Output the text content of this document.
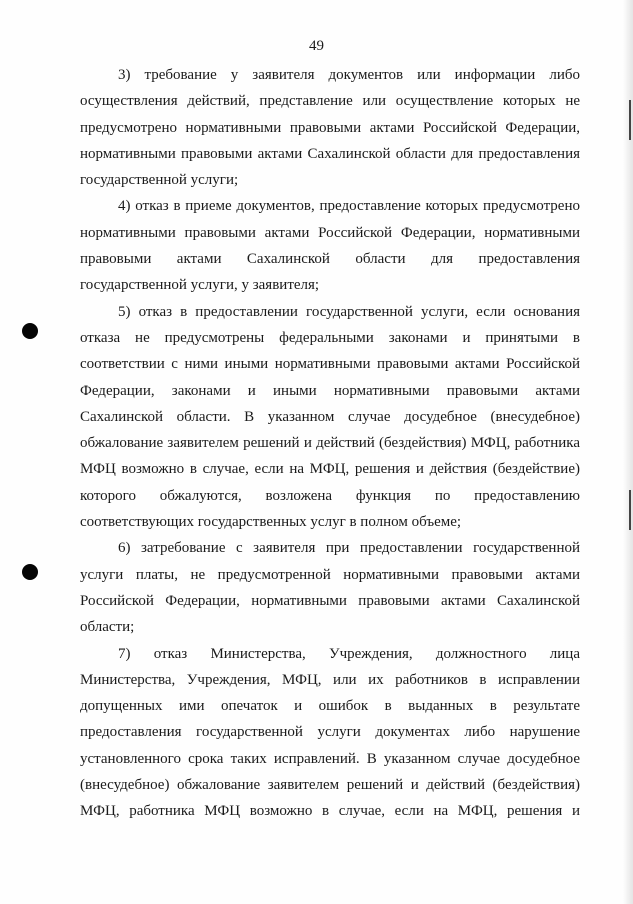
49
3) требование у заявителя документов или информации либо
осуществления действий, представление или осуществление которых не
предусмотрено нормативными правовыми актами Российской Федерации,
нормативными правовыми актами Сахалинской области для предоставления
государственной услуги;
4) отказ в приеме документов, предоставление которых предусмотрено
нормативными правовыми актами Российской Федерации, нормативными
правовыми актами Сахалинской области для предоставления
государственной услуги, у заявителя;
5) отказ в предоставлении государственной услуги, если основания
отказа не предусмотрены федеральными законами и принятыми в
соответствии с ними иными нормативными правовыми актами Российской
Федерации, законами и иными нормативными правовыми актами
Сахалинской области. В указанном случае досудебное (внесудебное)
обжалование заявителем решений и действий (бездействия) МФЦ, работника
МФЦ возможно в случае, если на МФЦ, решения и действия (бездействие)
которого обжалуются, возложена функция по предоставлению
соответствующих государственных услуг в полном объеме;
6) затребование с заявителя при предоставлении государственной
услуги платы, не предусмотренной нормативными правовыми актами
Российской Федерации, нормативными правовыми актами Сахалинской
области;
7) отказ Министерства, Учреждения, должностного лица
Министерства, Учреждения, МФЦ, или их работников в исправлении
допущенных ими опечаток и ошибок в выданных в результате
предоставления государственной услуги документах либо нарушение
установленного срока таких исправлений. В указанном случае досудебное
(внесудебное) обжалование заявителем решений и действий (бездействия)
МФЦ, работника МФЦ возможно в случае, если на МФЦ, решения и
